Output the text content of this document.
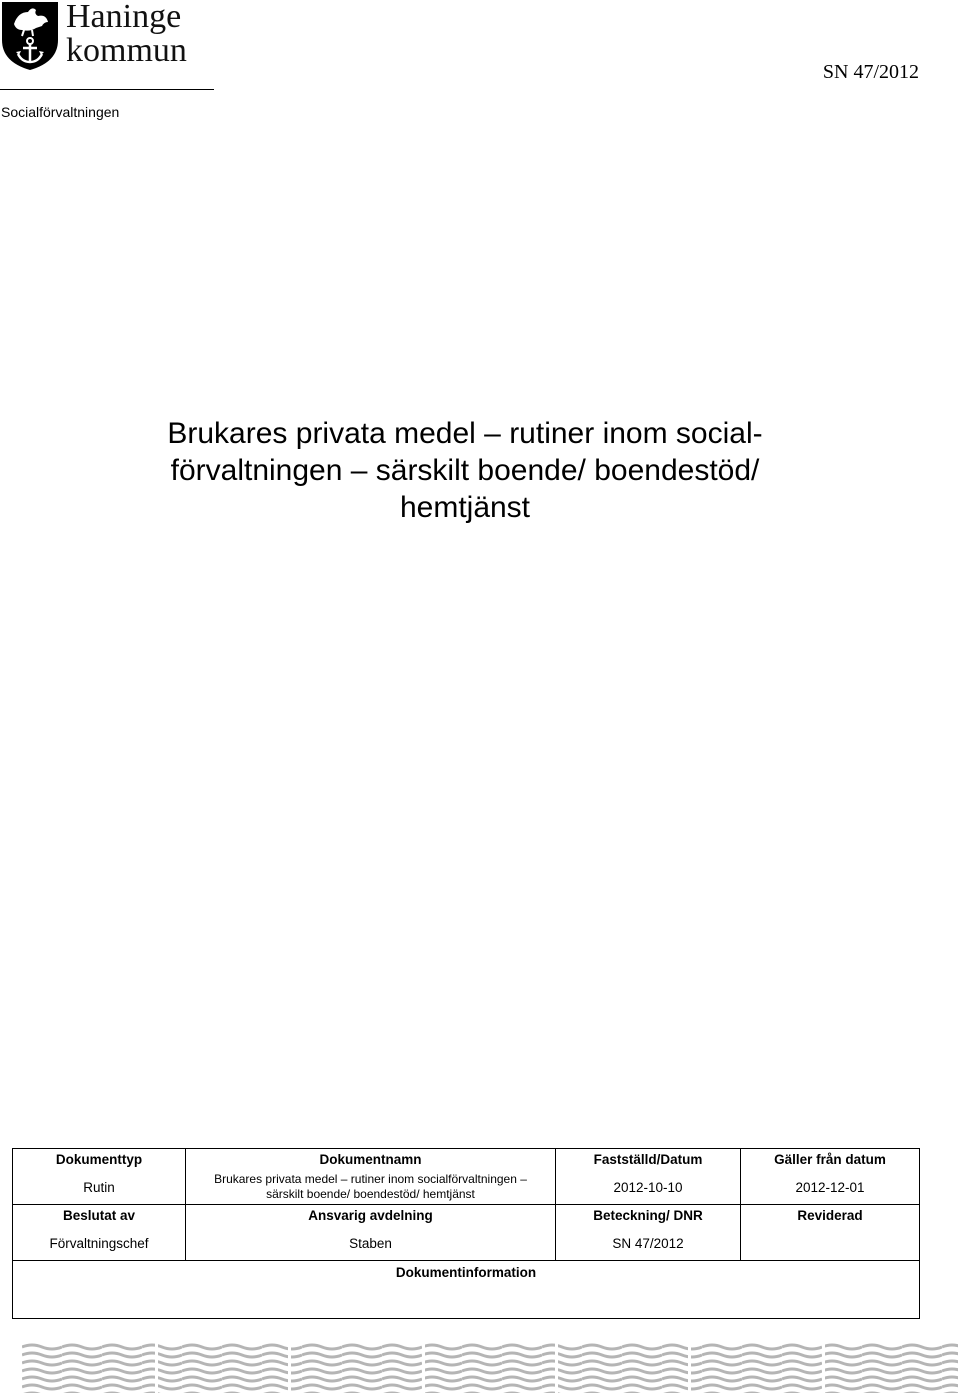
Haninge
kommun
Socialförvaltningen
SN 47/2012
Brukares privata medel – rutiner inom social-
förvaltningen – särskilt boende/ boendestöd/
hemtjänst
Dokumenttyp	Dokumentnamn	Fastställd/Datum	Gäller från datum
Rutin	Brukares privata medel – rutiner inom socialförvaltningen –
särskilt boende/ boendestöd/ hemtjänst	2012-10-10	2012-12-01
Beslutat av	Ansvarig avdelning	Beteckning/ DNR	Reviderad
Förvaltningschef	Staben	SN 47/2012	
Dokumentinformation			
